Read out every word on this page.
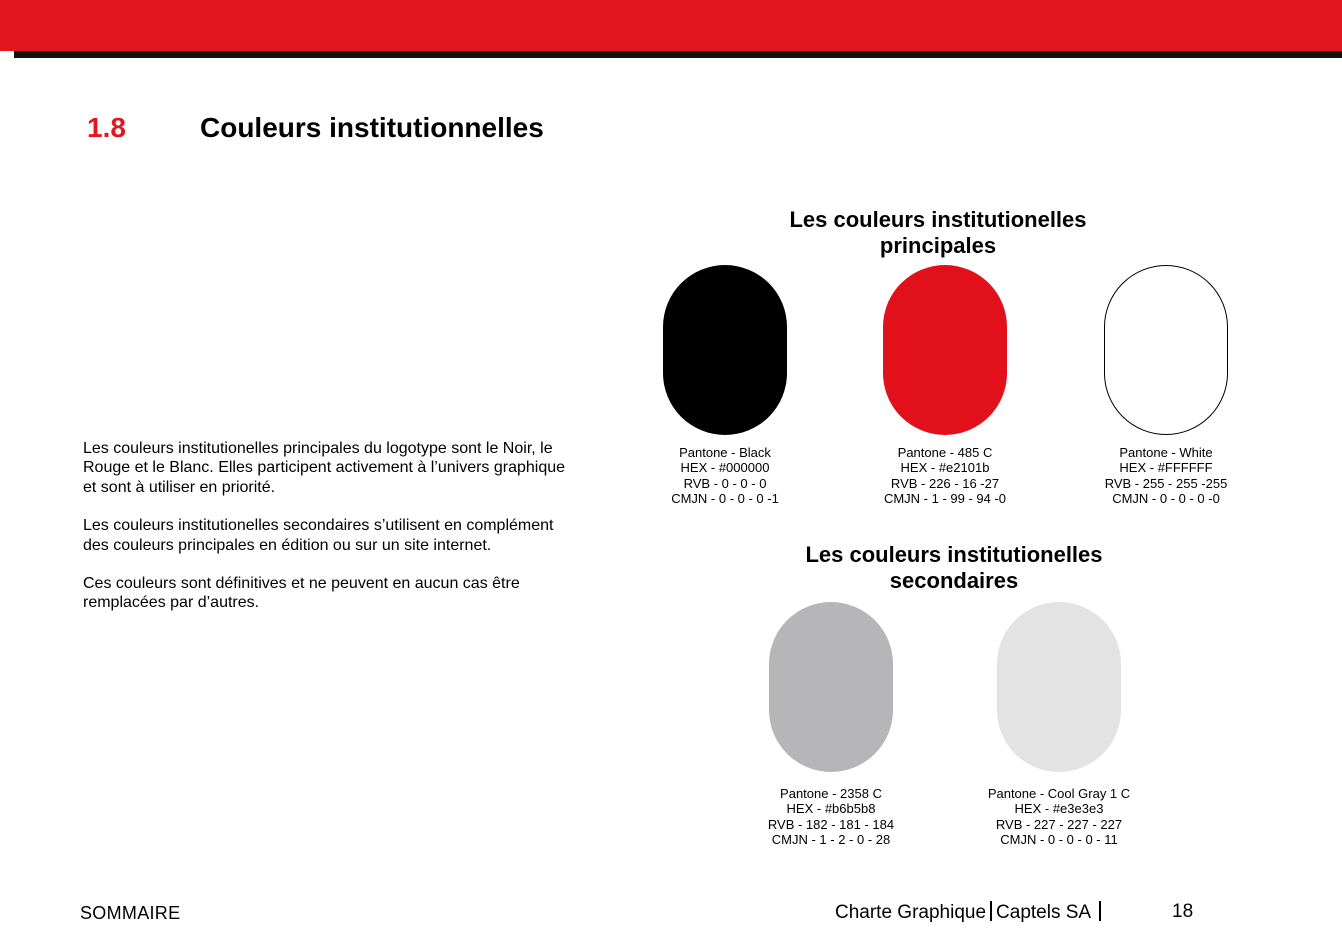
1.8	Couleurs institutionnelles

Les couleurs institutionelles principales du logotype sont le Noir, le Rouge et le Blanc. Elles participent activement à l’univers graphique et sont à utiliser en priorité.

Les couleurs institutionelles secondaires s’utilisent en complément des couleurs principales en édition ou sur un site internet.

Ces couleurs sont définitives et ne peuvent en aucun cas être remplacées par d’autres.

Les couleurs institutionelles
principales
Pantone - Black
HEX - #000000
RVB - 0 - 0 - 0
CMJN - 0 - 0 - 0 -1
Pantone - 485 C
HEX - #e2101b
RVB - 226 - 16 -27
CMJN - 1 - 99 - 94 -0
Pantone - White
HEX - #FFFFFF
RVB - 255 - 255 -255
CMJN - 0 - 0 - 0 -0
Les couleurs institutionelles
secondaires
Pantone - 2358 C
HEX - #b6b5b8
RVB - 182 - 181 - 184
CMJN - 1 - 2 - 0 - 28
Pantone - Cool Gray 1 C
HEX - #e3e3e3
RVB - 227 - 227 - 227
CMJN - 0 - 0 - 0 - 11
SOMMAIRE	Charte Graphique Captels SA	18
